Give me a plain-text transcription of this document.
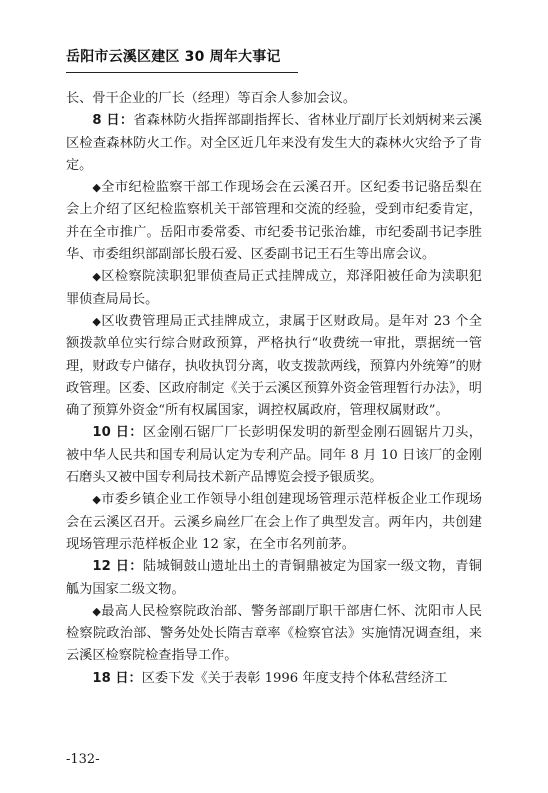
岳阳市云溪区建区 30 周年大事记

长、骨干企业的厂长（经理）等百余人参加会议。

8 日：省森林防火指挥部副指挥长、省林业厅副厅长刘炳树来云溪区检查森林防火工作。对全区近几年来没有发生大的森林火灾给予了肯定。

◆全市纪检监察干部工作现场会在云溪召开。区纪委书记骆岳梨在会上介绍了区纪检监察机关干部管理和交流的经验，受到市纪委肯定，并在全市推广。岳阳市委常委、市纪委书记张治雄，市纪委副书记李胜华、市委组织部副部长殷石爱、区委副书记王石生等出席会议。

◆区检察院渎职犯罪侦查局正式挂牌成立，郑泽阳被任命为渎职犯罪侦查局局长。

◆区收费管理局正式挂牌成立，隶属于区财政局。是年对 23 个全额拨款单位实行综合财政预算，严格执行“收费统一审批，票据统一管理，财政专户储存，执收执罚分离，收支拨款两线，预算内外统筹”的财政管理。区委、区政府制定《关于云溪区预算外资金管理暂行办法》，明确了预算外资金“所有权属国家，调控权属政府，管理权属财政”。

10 日：区金刚石锯厂厂长彭明保发明的新型金刚石圆锯片刀头，被中华人民共和国专利局认定为专利产品。同年 8 月 10 日该厂的金刚石磨头又被中国专利局技术新产品博览会授予银质奖。

◆市委乡镇企业工作领导小组创建现场管理示范样板企业工作现场会在云溪区召开。云溪乡扁丝厂在会上作了典型发言。两年内，共创建现场管理示范样板企业 12 家，在全市名列前茅。

12 日：陆城铜鼓山遗址出土的青铜鼎被定为国家一级文物，青铜觚为国家二级文物。

◆最高人民检察院政治部、警务部副厅职干部唐仁怀、沈阳市人民检察院政治部、警务处处长隋吉章率《检察官法》实施情况调查组，来云溪区检察院检查指导工作。

18 日：区委下发《关于表彰 1996 年度支持个体私营经济工

-132-
